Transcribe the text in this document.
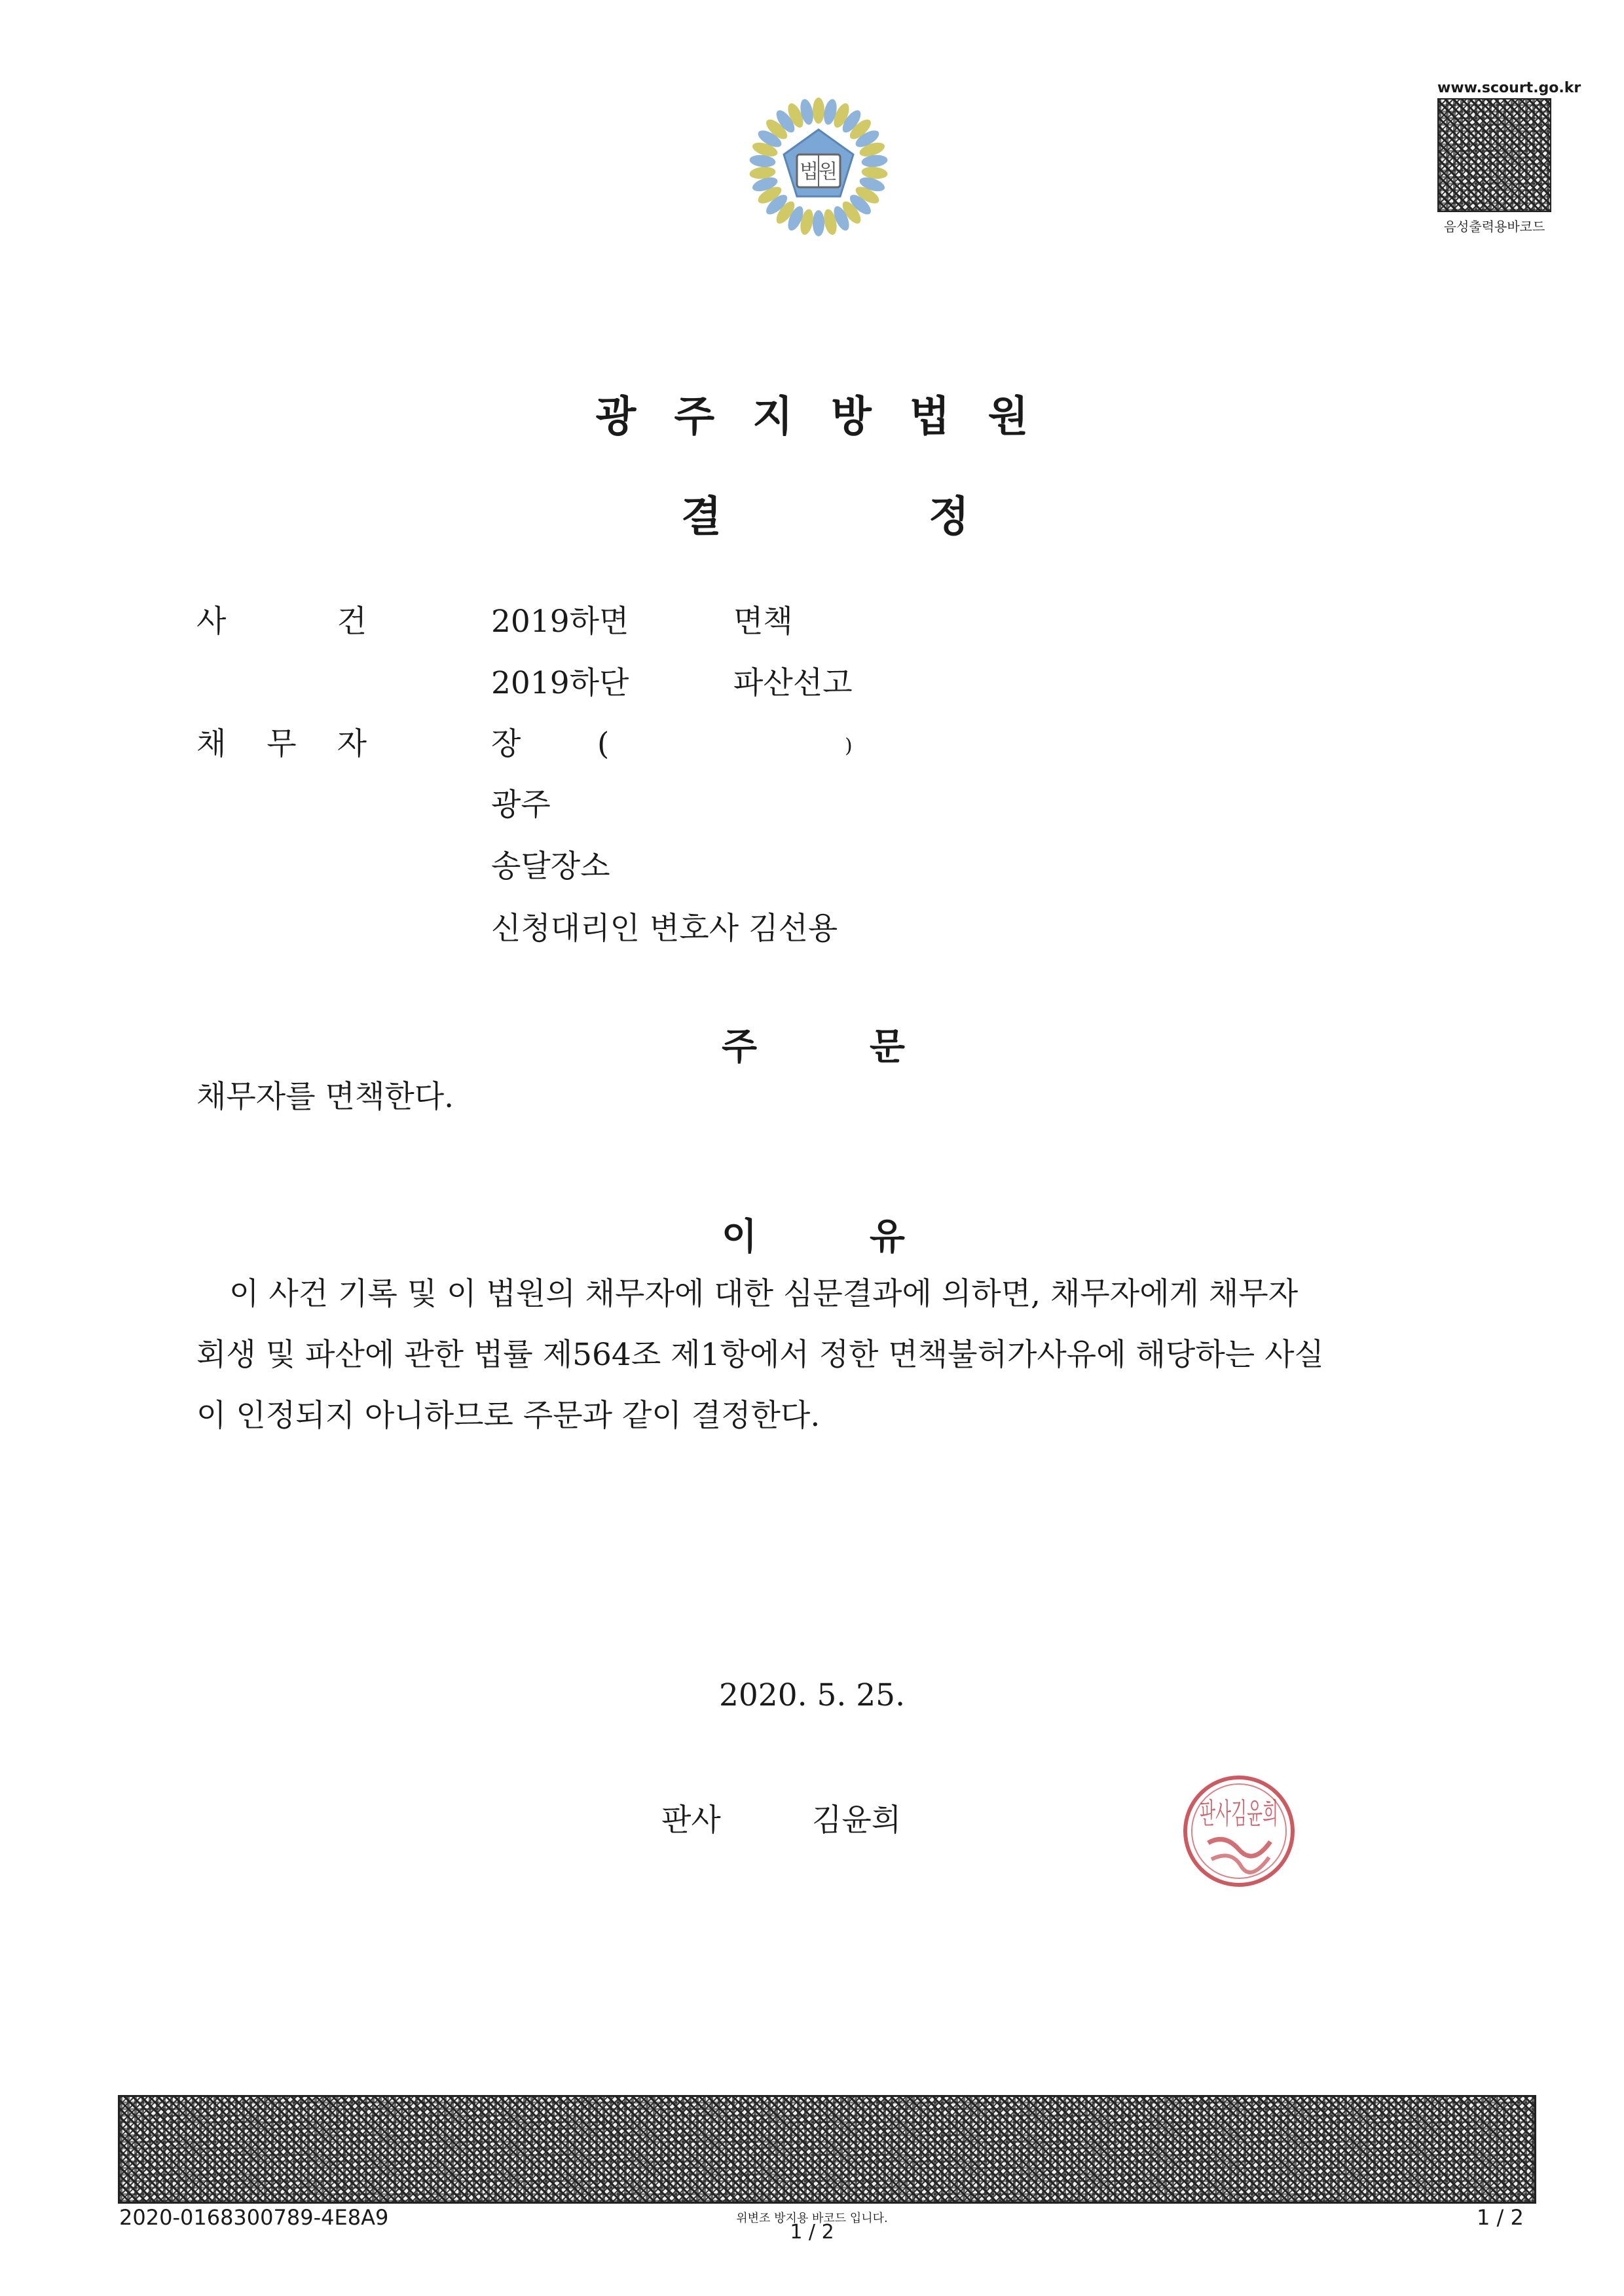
법원
www.scourt.go.kr
음성출력용바코드
광주지방법원
결	정
사	건	2019하면	면책
2019하단	파산선고
채 무 자	장 (	)
광주
송달장소
신청대리인 변호사 김선용
주	문
채무자를 면책한다.
이	유
이 사건 기록 및 이 법원의 채무자에 대한 심문결과에 의하면, 채무자에게 채무자
회생 및 파산에 관한 법률 제564조 제1항에서 정한 면책불허가사유에 해당하는 사실
이 인정되지 아니하므로 주문과 같이 결정한다.
2020. 5. 25.
판사	김윤희	판사김윤희
2020-0168300789-4E8A9	위변조 방지용 바코드 입니다.
1 / 2
1 / 2
